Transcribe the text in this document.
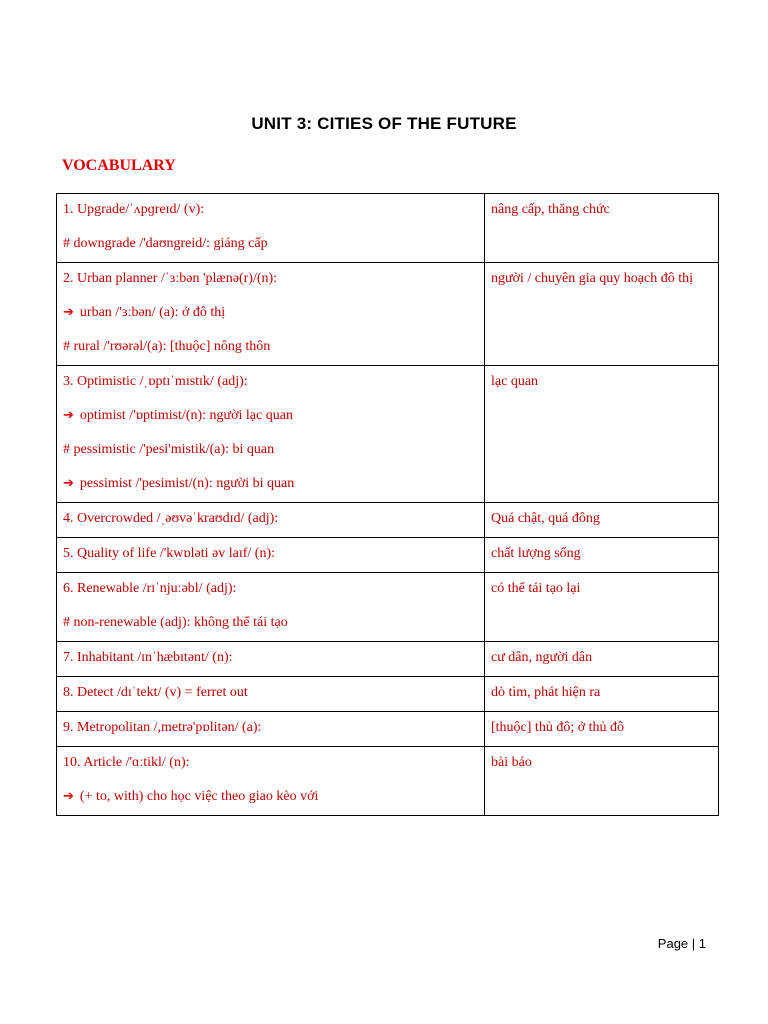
UNIT 3: CITIES OF THE FUTURE
VOCABULARY
1. Upgrade/ˈʌpɡreɪd/ (v):
# downgrade /'daʊngreid/: giáng cấp	nâng cấp, thăng chức

2. Urban planner /ˈɜːbən 'plænə(r)/(n):
➔ urban /'ɜːbən/ (a): ở đô thị
# rural /'rʊərəl/(a): [thuộc] nông thôn	người / chuyên gia quy hoạch đô thị

3. Optimistic /ˌɒptɪˈmɪstɪk/ (adj):
➔ optimist /'ɒptimist/(n): người lạc quan
# pessimistic /'pesi'mistik/(a): bi quan
➔ pessimist /'pesimist/(n): người bi quan	lạc quan

4. Overcrowded /ˌəʊvəˈkraʊdɪd/ (adj):	Quá chật, quá đông

5. Quality of life /'kwɒləti əv laɪf/ (n):	chất lượng sống

6. Renewable /rɪˈnjuːəbl/ (adj):
# non-renewable (adj): không thể tái tạo	có thể tái tạo lại

7. Inhabitant /ɪnˈhæbɪtənt/ (n):	cư dân, người dân

8. Detect /dɪˈtekt/ (v) = ferret out	dò tìm, phát hiện ra

9. Metropolitan /,metrə'pɒlitən/ (a):	[thuộc] thủ đô; ở thủ đô

10. Article /'ɑːtikl/ (n):
➔ (+ to, with) cho học việc theo giao kèo với	bài báo
Page | 1
